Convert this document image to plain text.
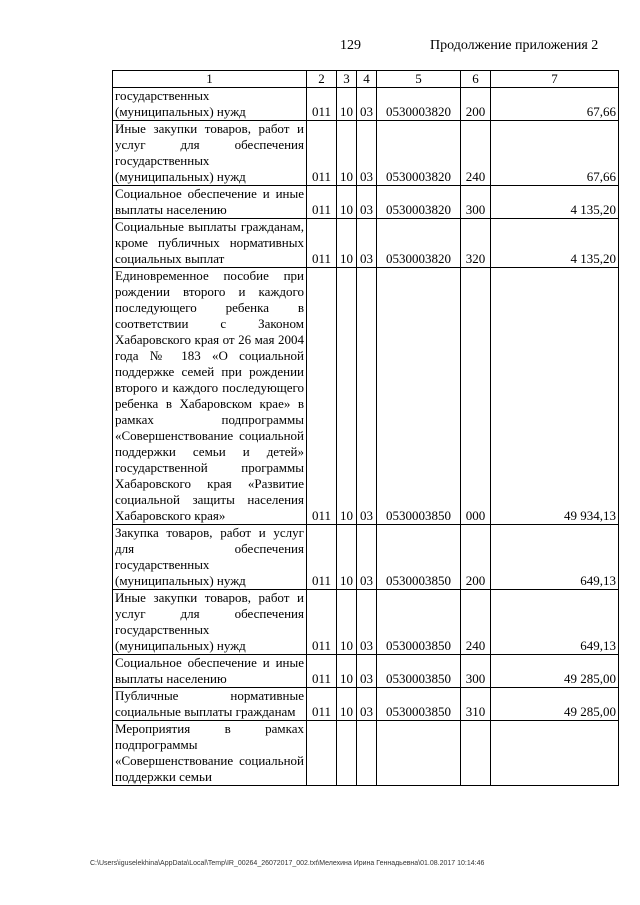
129	Продолжение приложения 2
1	2	3	4	5	6	7
государственных (муниципальных) нужд	011	10	03	0530003820	200	67,66
Иные закупки товаров, работ и услуг для обеспечения государственных (муниципальных) нужд	011	10	03	0530003820	240	67,66
Социальное обеспечение и иные выплаты населению	011	10	03	0530003820	300	4 135,20
Социальные выплаты гражданам, кроме публичных нормативных социальных выплат	011	10	03	0530003820	320	4 135,20
Единовременное пособие при рождении второго и каждого последующего ребенка в соответствии с Законом Хабаровского края от 26 мая 2004 года № 183 «О социальной поддержке семей при рождении второго и каждого последующего ребенка в Хабаровском крае» в рамках подпрограммы «Совершенствование социальной поддержки семьи и детей» государственной программы Хабаровского края «Развитие социальной защиты населения Хабаровского края»	011	10	03	0530003850	000	49 934,13
Закупка товаров, работ и услуг для обеспечения государственных (муниципальных) нужд	011	10	03	0530003850	200	649,13
Иные закупки товаров, работ и услуг для обеспечения государственных (муниципальных) нужд	011	10	03	0530003850	240	649,13
Социальное обеспечение и иные выплаты населению	011	10	03	0530003850	300	49 285,00
Публичные нормативные социальные выплаты гражданам	011	10	03	0530003850	310	49 285,00
Мероприятия в рамках подпрограммы «Совершенствование социальной поддержки семьи						
C:\Users\iguselekhina\AppData\Local\Temp\IR_00264_26072017_002.txt\Мелехина Ирина Геннадьевна\01.08.2017 10:14:46
